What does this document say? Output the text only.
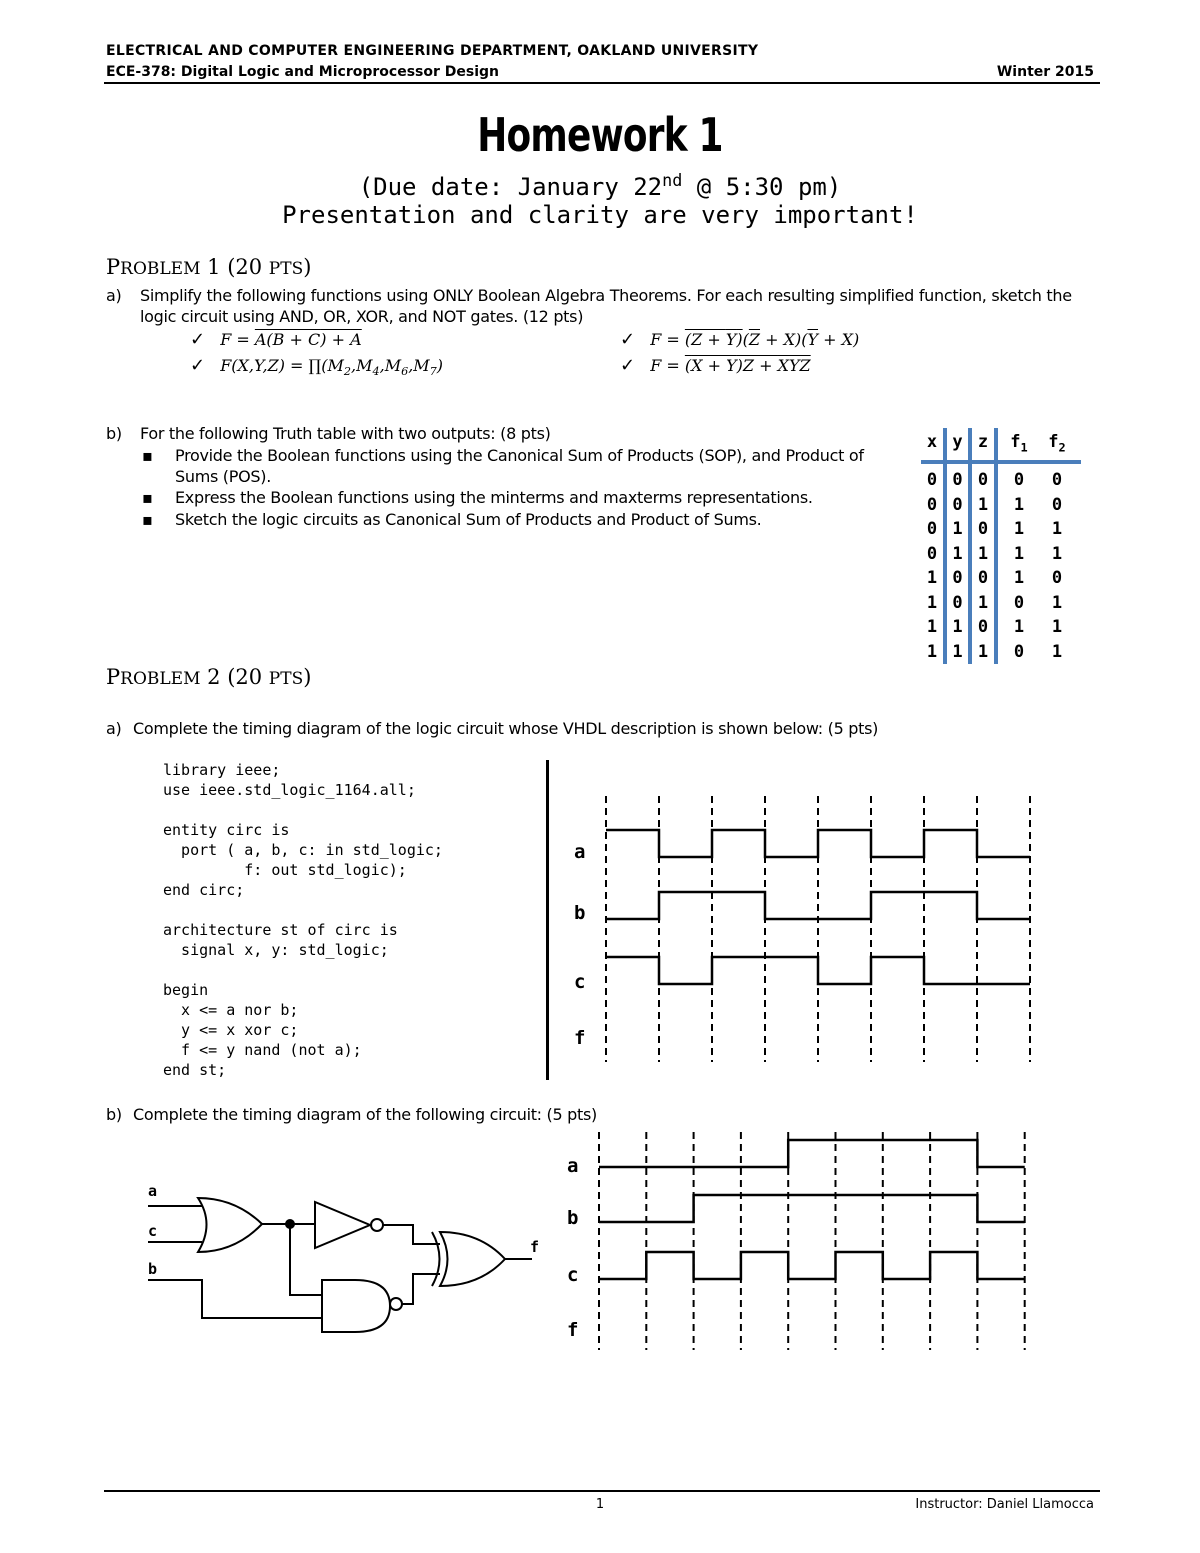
ELECTRICAL AND COMPUTER ENGINEERING DEPARTMENT, OAKLAND UNIVERSITY
ECE-378: Digital Logic and Microprocessor Design	Winter 2015
Homework 1
(Due date: January 22nd @ 5:30 pm)
Presentation and clarity are very important!
PROBLEM 1 (20 PTS)
a) Simplify the following functions using ONLY Boolean Algebra Theorems. For each resulting simplified function, sketch the
logic circuit using AND, OR, XOR, and NOT gates. (12 pts)
✓ F = A(B + C) + A
✓ $F(X,Y,Z) = \prod(M_2,M_4,M_6,M_7)$
✓ $F = (Z + Y)(\overline{Z} + X)(\overline{Y} + X)$
✓ F = (X + Y)Z + XYZ
b) For the following Truth table with two outputs: (8 pts)
▪ Provide the Boolean functions using the Canonical Sum of Products (SOP), and Product of
Sums (POS).
▪ Express the Boolean functions using the minterms and maxterms representations.
▪ Sketch the logic circuits as Canonical Sum of Products and Product of Sums.
x y z	$f_1$	$f_2$
0 0 0	0	0
0 0 1	1	0
0 1 0	1	1
0 1 1	1	1
1 0 0	1	0
1 0 1	0	1
1 1 0	1	1
1 1 1	0	1
PROBLEM 2 (20 PTS)
a) Complete the timing diagram of the logic circuit whose VHDL description is shown below: (5 pts)
library ieee;
use ieee.std_logic_1164.all;

entity circ is
port ( a, b, c: in std_logic;
f: out std_logic);
end circ;

architecture st of circ is
signal x, y: std_logic;

begin
x <= a nor b;
y <= x xor c;
f <= y nand (not a);
end st;
a
b
c
f
b) Complete the timing diagram of the following circuit: (5 pts)
a
c
b
f
a
b
c
f
1	Instructor: Daniel Llamocca
